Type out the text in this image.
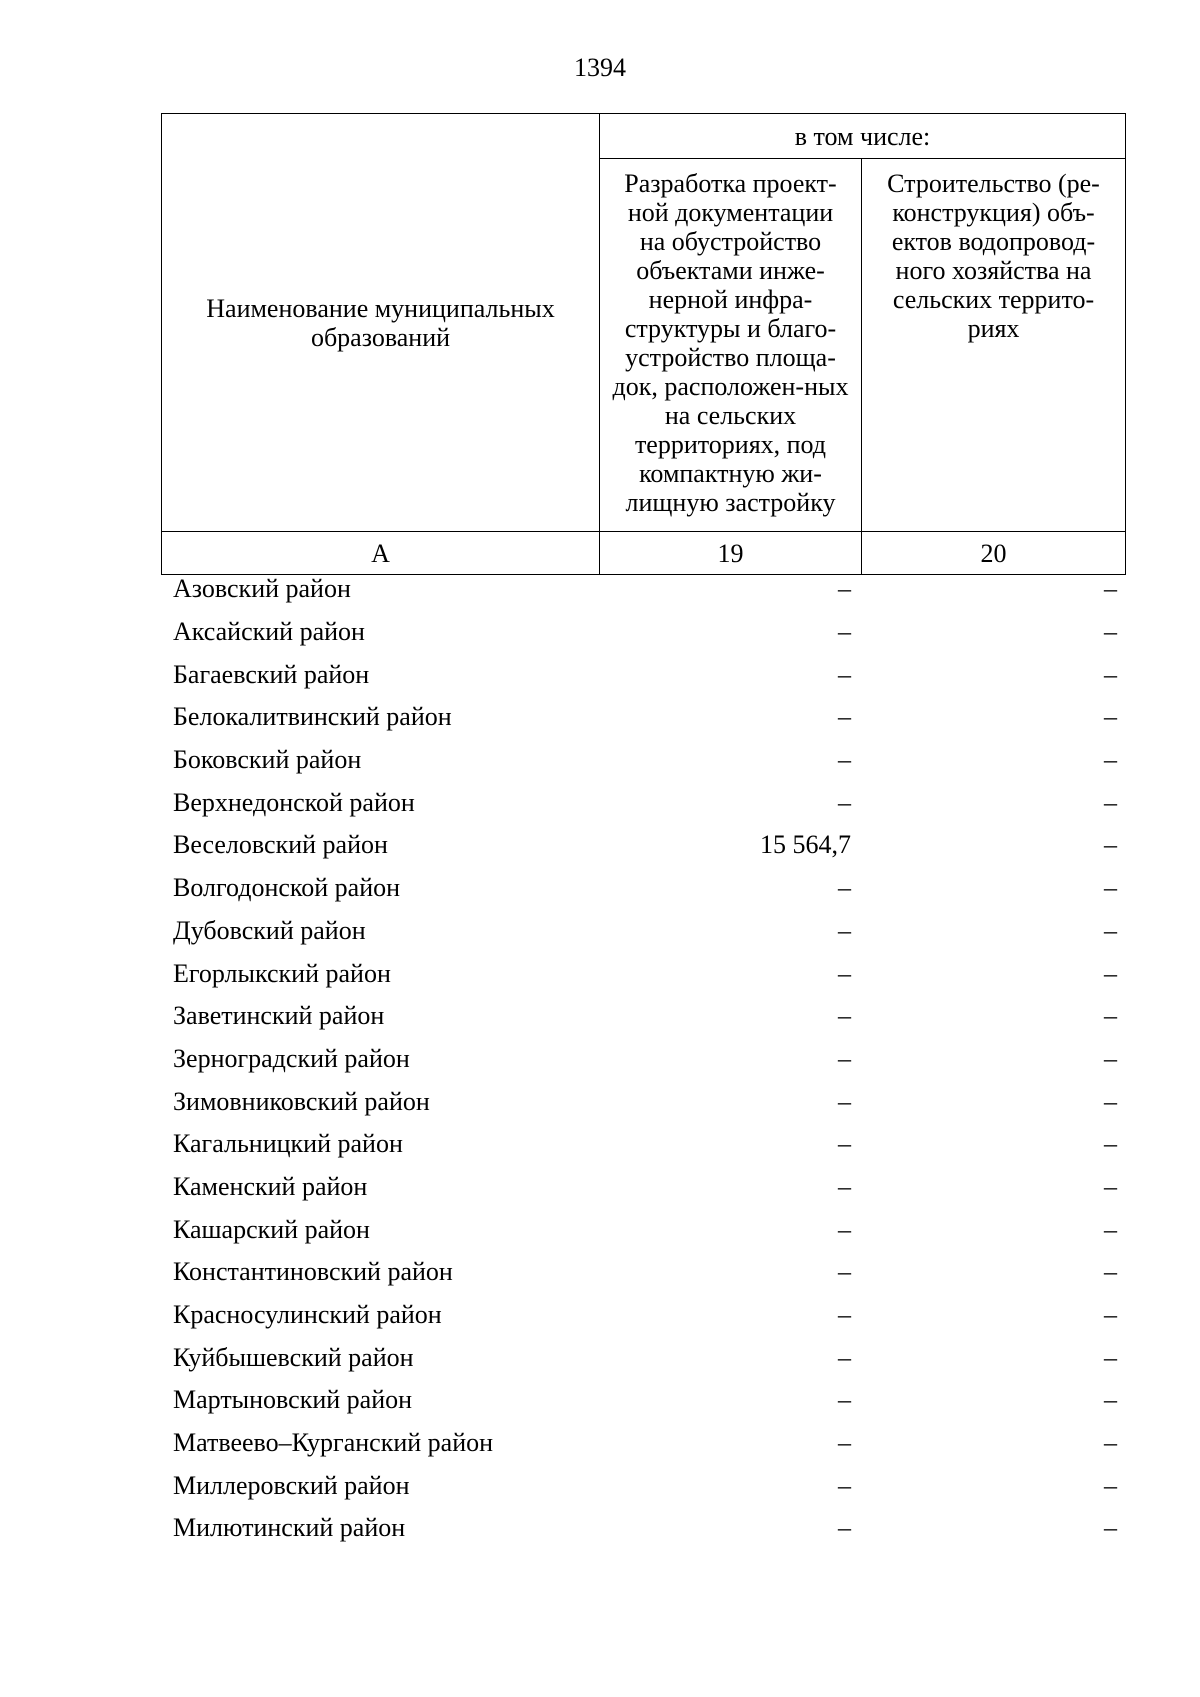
1394
Наименование муниципальных образований	в том числе:	
	Разработка проект-ной документации на обустройство объектами инже-нерной инфра-структуры и благо-устройство площа-док, расположен-ных на сельских территориях, под компактную жи-лищную застройку	Строительство (ре-конструкция) объ-ектов водопровод-ного хозяйства на сельских террито-риях
А	19	20
Азовский район	–	–
Аксайский район	–	–
Багаевский район	–	–
Белокалитвинский район	–	–
Боковский район	–	–
Верхнедонской район	–	–
Веселовский район	15 564,7	–
Волгодонской район	–	–
Дубовский район	–	–
Егорлыкский район	–	–
Заветинский район	–	–
Зерноградский район	–	–
Зимовниковский район	–	–
Кагальницкий район	–	–
Каменский район	–	–
Кашарский район	–	–
Константиновский район	–	–
Красносулинский район	–	–
Куйбышевский район	–	–
Мартыновский район	–	–
Матвеево–Курганский район	–	–
Миллеровский район	–	–
Милютинский район	–	–
